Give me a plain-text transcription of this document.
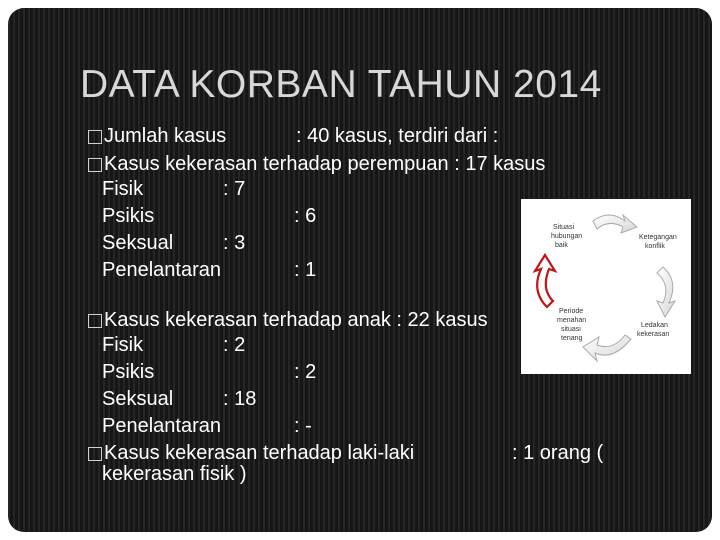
DATA KORBAN TAHUN 2014
Jumlah kasus	: 40 kasus, terdiri dari :
Kasus kekerasan terhadap perempuan : 17 kasus
Fisik	: 7
Psikis	: 6
Seksual : 3
Penelantaran	: 1
Kasus kekerasan terhadap anak : 22 kasus
Fisik	: 2
Psikis	: 2
Seksual : 18
Penelantaran	: -
Kasus kekerasan terhadap laki-laki	: 1 orang (
kekerasan fisik )
Situasi hubungan baik
Ketegangan konflik
Ledakan kekerasan
Periode menahan situasi tenang
